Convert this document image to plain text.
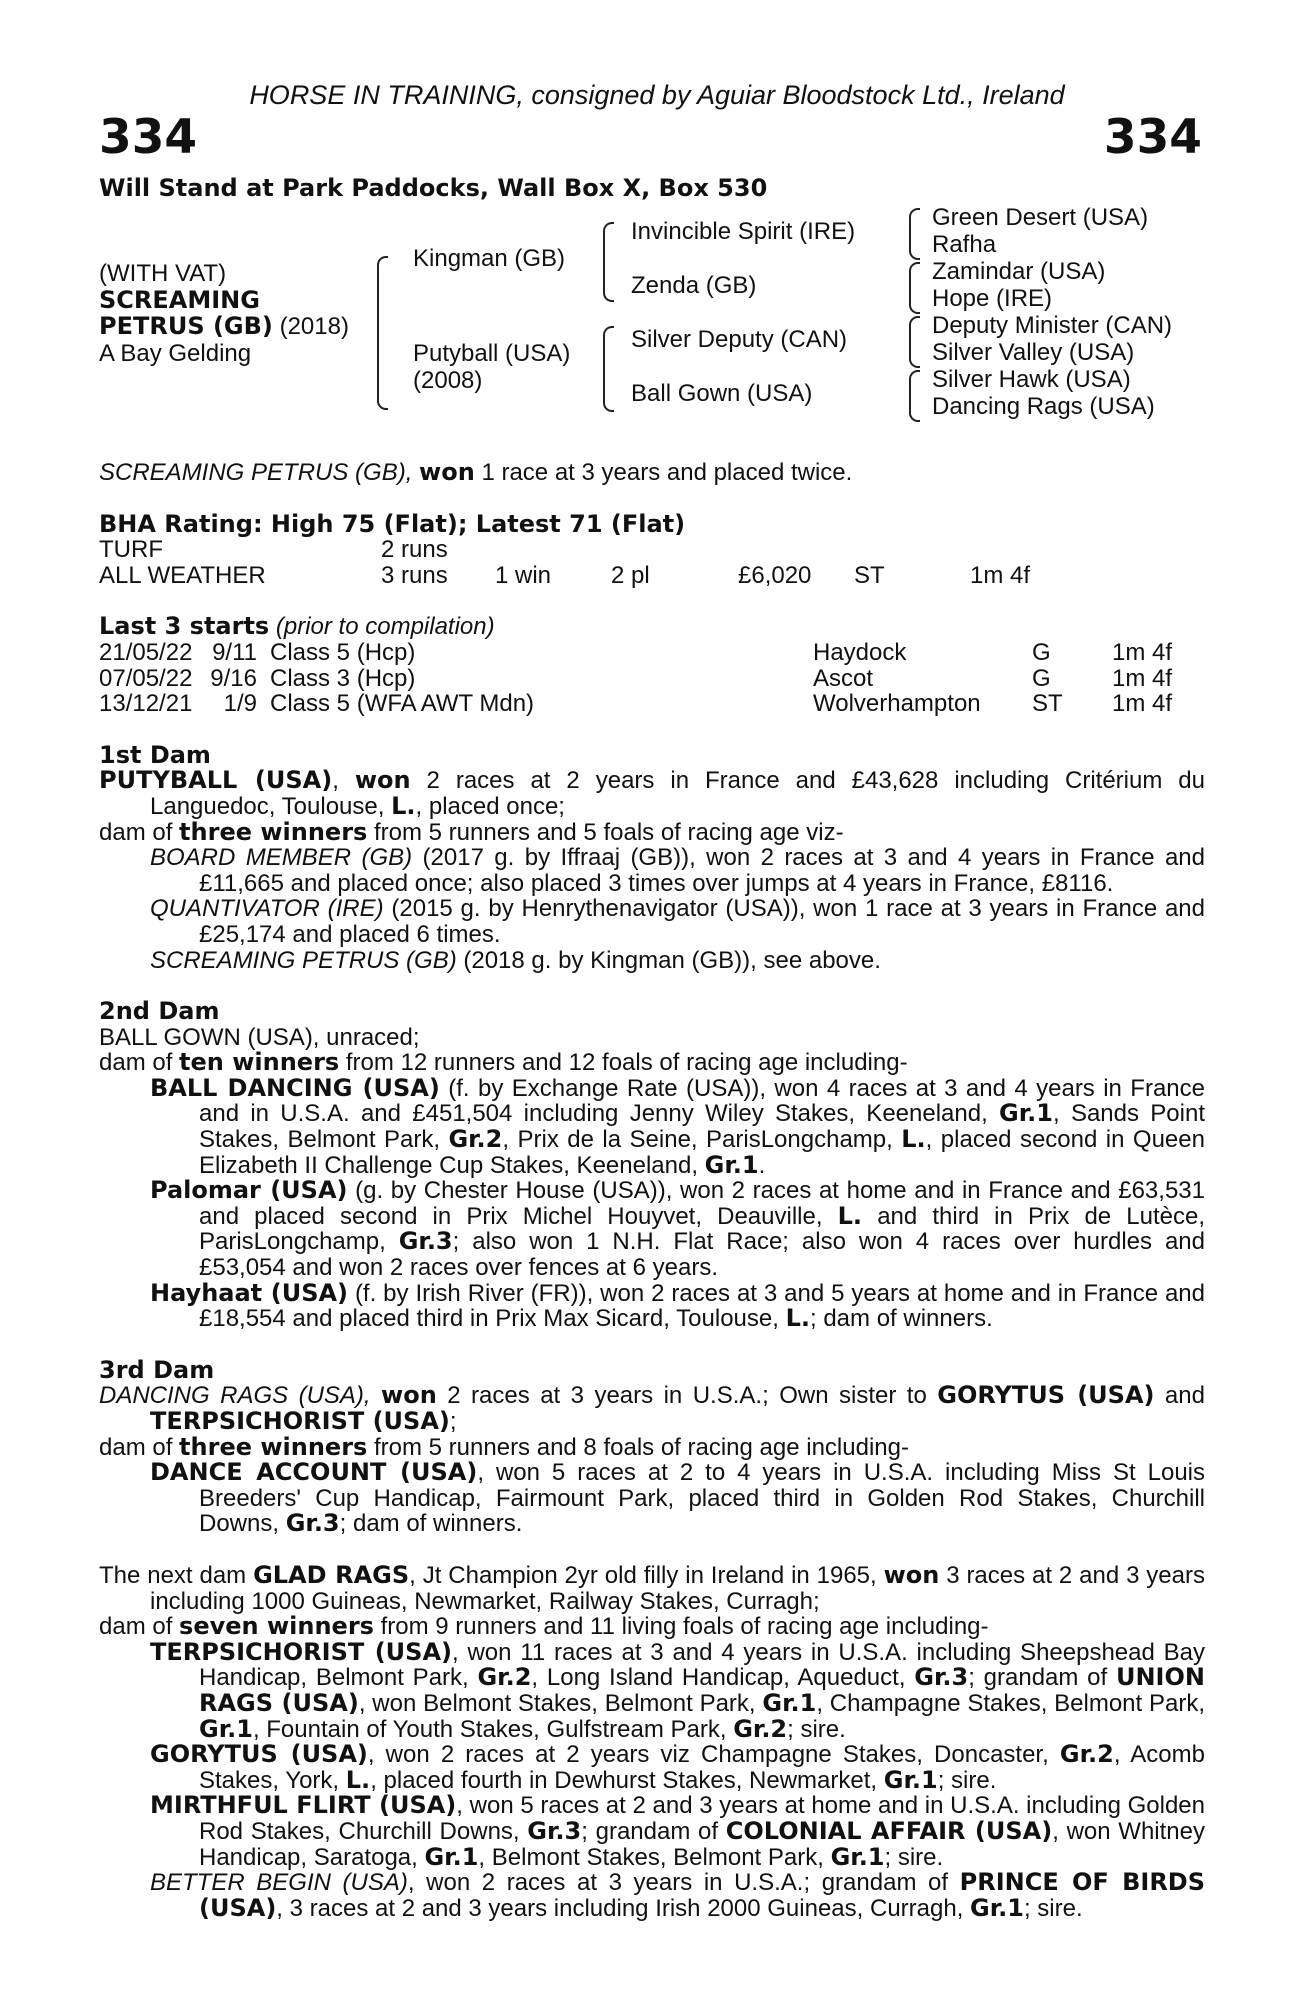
HORSE IN TRAINING, consigned by Aguiar Bloodstock Ltd., Ireland
334	334
Will Stand at Park Paddocks, Wall Box X, Box 530
(WITH VAT)
SCREAMING
PETRUS (GB) (2018)
A Bay Gelding
Kingman (GB)
Putyball (USA)
(2008)
Invincible Spirit (IRE)
Zenda (GB)
Silver Deputy (CAN)
Ball Gown (USA)
Green Desert (USA)
Rafha
Zamindar (USA)
Hope (IRE)
Deputy Minister (CAN)
Silver Valley (USA)
Silver Hawk (USA)
Dancing Rags (USA)

SCREAMING PETRUS (GB), won 1 race at 3 years and placed twice.

BHA Rating: High 75 (Flat); Latest 71 (Flat)

TURF	2 runs					
ALL WEATHER	3 runs	1 win	2 pl	£6,020	ST	1m 4f

Last 3 starts (prior to compilation)

21/05/22	9/11	Class 5 (Hcp)	Haydock	G	1m 4f
07/05/22	9/16	Class 3 (Hcp)	Ascot	G	1m 4f
13/12/21	1/9	Class 5 (WFA AWT Mdn)	Wolverhampton	ST	1m 4f

1st Dam

PUTYBALL (USA), won 2 races at 2 years in France and £43,628 including Critérium du Languedoc, Toulouse, L., placed once;

dam of three winners from 5 runners and 5 foals of racing age viz-

BOARD MEMBER (GB) (2017 g. by Iffraaj (GB)), won 2 races at 3 and 4 years in France and £11,665 and placed once; also placed 3 times over jumps at 4 years in France, £8116.

QUANTIVATOR (IRE) (2015 g. by Henrythenavigator (USA)), won 1 race at 3 years in France and £25,174 and placed 6 times.

SCREAMING PETRUS (GB) (2018 g. by Kingman (GB)), see above.

2nd Dam

BALL GOWN (USA), unraced;

dam of ten winners from 12 runners and 12 foals of racing age including-

BALL DANCING (USA) (f. by Exchange Rate (USA)), won 4 races at 3 and 4 years in France and in U.S.A. and £451,504 including Jenny Wiley Stakes, Keeneland, Gr.1, Sands Point Stakes, Belmont Park, Gr.2, Prix de la Seine, ParisLongchamp, L., placed second in Queen Elizabeth II Challenge Cup Stakes, Keeneland, Gr.1.

Palomar (USA) (g. by Chester House (USA)), won 2 races at home and in France and £63,531 and placed second in Prix Michel Houyvet, Deauville, L. and third in Prix de Lutèce, ParisLongchamp, Gr.3; also won 1 N.H. Flat Race; also won 4 races over hurdles and £53,054 and won 2 races over fences at 6 years.

Hayhaat (USA) (f. by Irish River (FR)), won 2 races at 3 and 5 years at home and in France and £18,554 and placed third in Prix Max Sicard, Toulouse, L.; dam of winners.

3rd Dam

DANCING RAGS (USA), won 2 races at 3 years in U.S.A.; Own sister to GORYTUS (USA) and TERPSICHORIST (USA);

dam of three winners from 5 runners and 8 foals of racing age including-

DANCE ACCOUNT (USA), won 5 races at 2 to 4 years in U.S.A. including Miss St Louis Breeders' Cup Handicap, Fairmount Park, placed third in Golden Rod Stakes, Churchill Downs, Gr.3; dam of winners.

The next dam GLAD RAGS, Jt Champion 2yr old filly in Ireland in 1965, won 3 races at 2 and 3 years including 1000 Guineas, Newmarket, Railway Stakes, Curragh;

dam of seven winners from 9 runners and 11 living foals of racing age including-

TERPSICHORIST (USA), won 11 races at 3 and 4 years in U.S.A. including Sheepshead Bay Handicap, Belmont Park, Gr.2, Long Island Handicap, Aqueduct, Gr.3; grandam of UNION RAGS (USA), won Belmont Stakes, Belmont Park, Gr.1, Champagne Stakes, Belmont Park, Gr.1, Fountain of Youth Stakes, Gulfstream Park, Gr.2; sire.

GORYTUS (USA), won 2 races at 2 years viz Champagne Stakes, Doncaster, Gr.2, Acomb Stakes, York, L., placed fourth in Dewhurst Stakes, Newmarket, Gr.1; sire.

MIRTHFUL FLIRT (USA), won 5 races at 2 and 3 years at home and in U.S.A. including Golden Rod Stakes, Churchill Downs, Gr.3; grandam of COLONIAL AFFAIR (USA), won Whitney Handicap, Saratoga, Gr.1, Belmont Stakes, Belmont Park, Gr.1; sire.

BETTER BEGIN (USA), won 2 races at 3 years in U.S.A.; grandam of PRINCE OF BIRDS (USA), 3 races at 2 and 3 years including Irish 2000 Guineas, Curragh, Gr.1; sire.
